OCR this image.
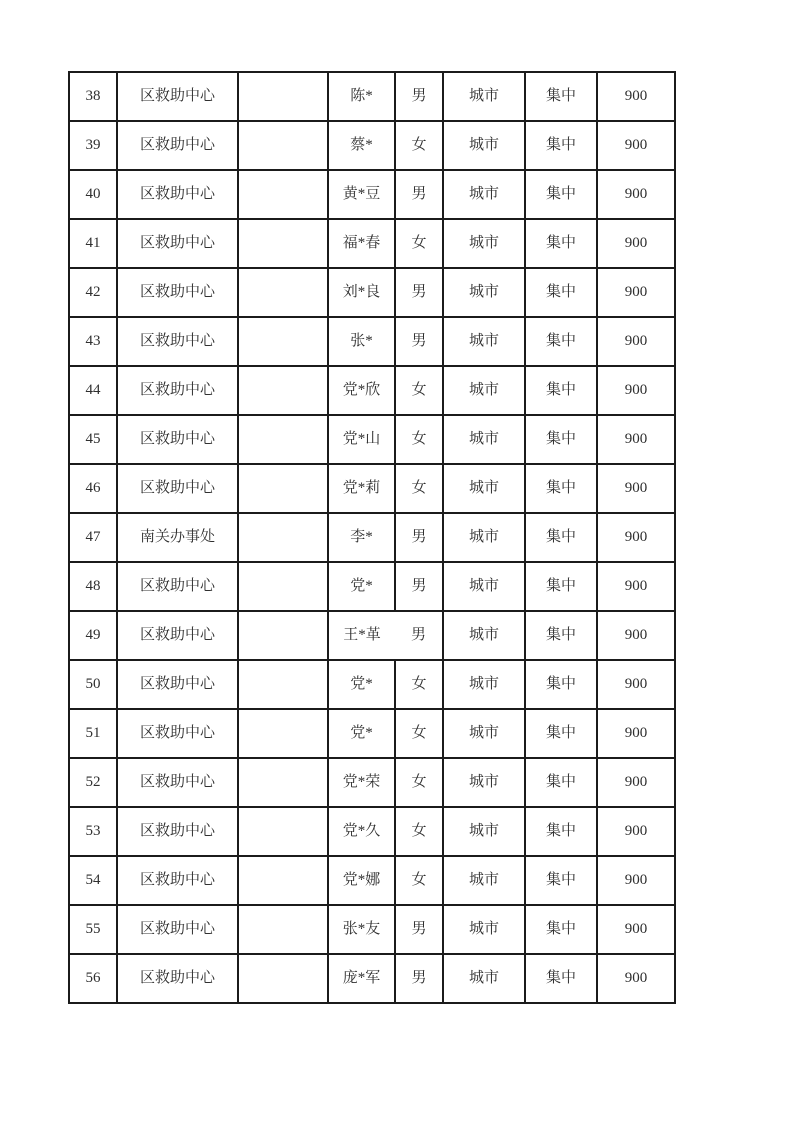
38	区救助中心		陈*	男	城市	集中	900
39	区救助中心		蔡*	女	城市	集中	900
40	区救助中心		黄*豆	男	城市	集中	900
41	区救助中心		福*春	女	城市	集中	900
42	区救助中心		刘*良	男	城市	集中	900
43	区救助中心		张*	男	城市	集中	900
44	区救助中心		党*欣	女	城市	集中	900
45	区救助中心		党*山	女	城市	集中	900
46	区救助中心		党*莉	女	城市	集中	900
47	南关办事处		李*	男	城市	集中	900
48	区救助中心		党*	男	城市	集中	900
49	区救助中心		王*革	男	城市	集中	900
50	区救助中心		党*	女	城市	集中	900
51	区救助中心		党*	女	城市	集中	900
52	区救助中心		党*荣	女	城市	集中	900
53	区救助中心		党*久	女	城市	集中	900
54	区救助中心		党*娜	女	城市	集中	900
55	区救助中心		张*友	男	城市	集中	900
56	区救助中心		庞*军	男	城市	集中	900
